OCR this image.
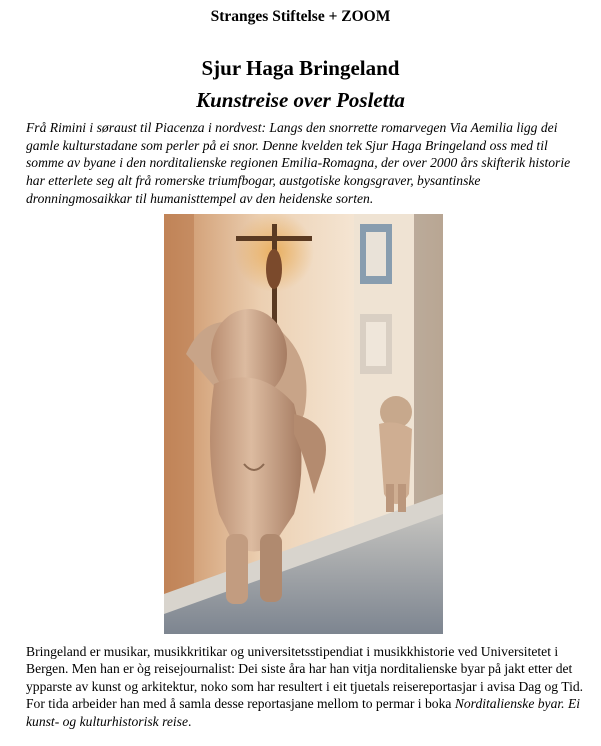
Stranges Stiftelse + ZOOM
Sjur Haga Bringeland
Kunstreise over Posletta

Frå Rimini i søraust til Piacenza i nordvest: Langs den snorrette romarvegen Via Aemilia ligg dei gamle kulturstadane som perler på ei snor. Denne kvelden tek Sjur Haga Bringeland oss med til somme av byane i den norditalienske regionen Emilia-Romagna, der over 2000 års skifterik historie har etterlete seg alt frå romerske triumfbogar, austgotiske kongsgraver, bysantinske dronningmosaikkar til humanisttempel av den heidenske sorten.

Bringeland er musikar, musikkritikar og universitetsstipendiat i musikkhistorie ved Universitetet i Bergen. Men han er òg reisejournalist: Dei siste åra har han vitja norditalienske byar på jakt etter det ypparste av kunst og arkitektur, noko som har resultert i eit tjuetals reisereportasjar i avisa Dag og Tid. For tida arbeider han med å samla desse reportasjane mellom to permar i boka Norditalienske byar. Ei kunst- og kulturhistorisk reise.
